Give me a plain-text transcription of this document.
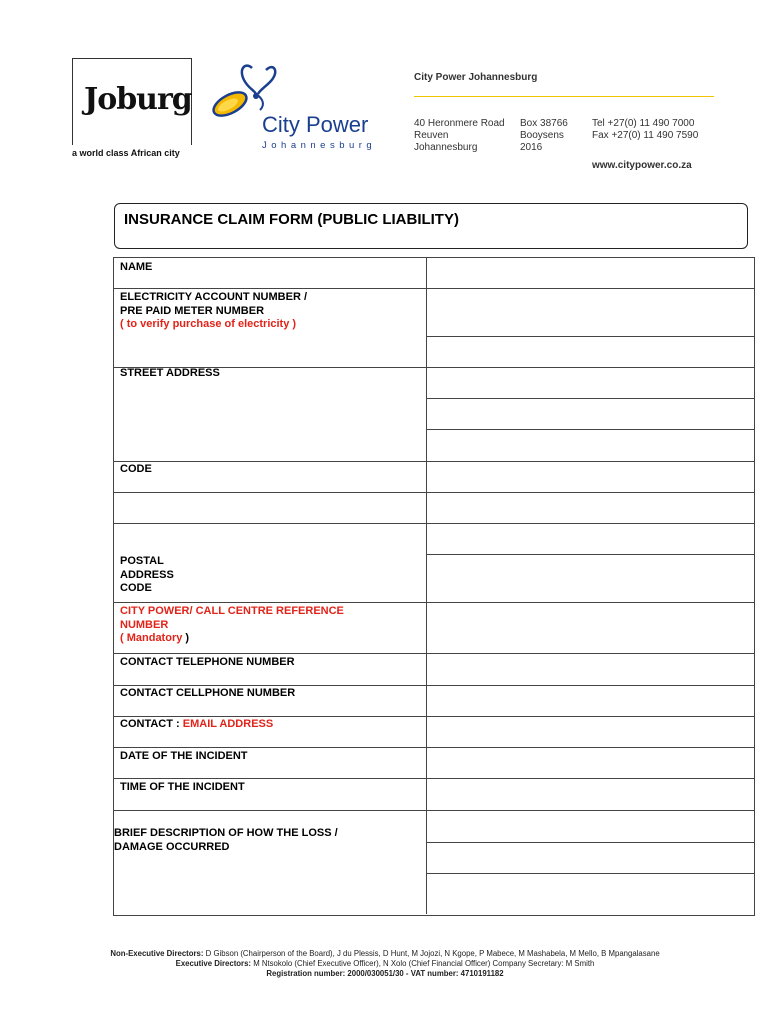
Joburg
a world class African city
City Power
Johannesburg
City Power Johannesburg
40 Heronmere Road
Reuven
Johannesburg
Box 38766
Booysens
2016
Tel +27(0) 11 490 7000
Fax +27(0) 11 490 7590
www.citypower.co.za
INSURANCE CLAIM FORM (PUBLIC LIABILITY)
NAME
ELECTRICITY ACCOUNT NUMBER /
PRE PAID METER NUMBER
( to verify purchase of electricity )
STREET ADDRESS
CODE
POSTAL
ADDRESS
CODE
CITY POWER/ CALL CENTRE REFERENCE
NUMBER
( Mandatory )
CONTACT TELEPHONE NUMBER
CONTACT CELLPHONE NUMBER
CONTACT : EMAIL ADDRESS
DATE OF THE INCIDENT
TIME OF THE INCIDENT
BRIEF DESCRIPTION OF HOW THE LOSS /
DAMAGE OCCURRED
Non-Executive Directors: D Gibson (Chairperson of the Board), J du Plessis, D Hunt, M Jojozi, N Kgope, P Mabece, M Mashabela, M Mello, B Mpangalasane
Executive Directors: M Ntsokolo (Chief Executive Officer), N Xolo (Chief Financial Officer) Company Secretary: M Smith
Registration number: 2000/030051/30 - VAT number: 4710191182
